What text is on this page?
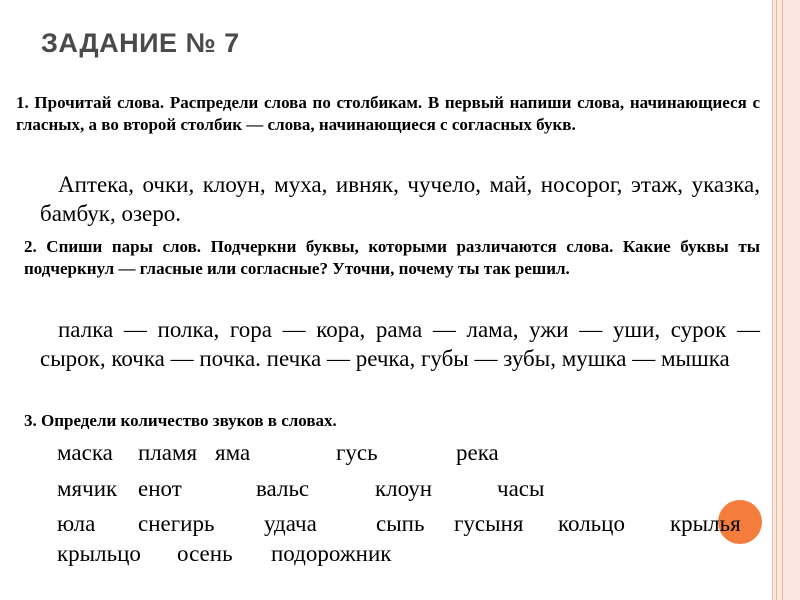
ЗАДАНИЕ № 7
1. Прочитай слова. Распредели слова по столбикам. В первый напиши слова, начинающиеся с гласных, а во второй столбик — слова, начинающиеся с согласных букв.
Аптека, очки, клоун, муха, ивняк, чучело, май, носорог, этаж, указка, бамбук, озеро.
2. Спиши пары слов. Подчеркни буквы, которыми различаются слова. Какие буквы ты подчеркнул — гласные или согласные? Уточни, почему ты так решил.
палка — полка, гора — кора, рама — лама, ужи — уши, сурок — сырок, кочка — почка. печка — речка, губы — зубы, мушка — мышка
3. Определи количество звуков в словах.
маска пламя яма	гусь	река
мячик енот	вальс	клоун	часы
юла снегирь удача	сыпь гусыня кольцо крылья
крыльцо осень подорожник
